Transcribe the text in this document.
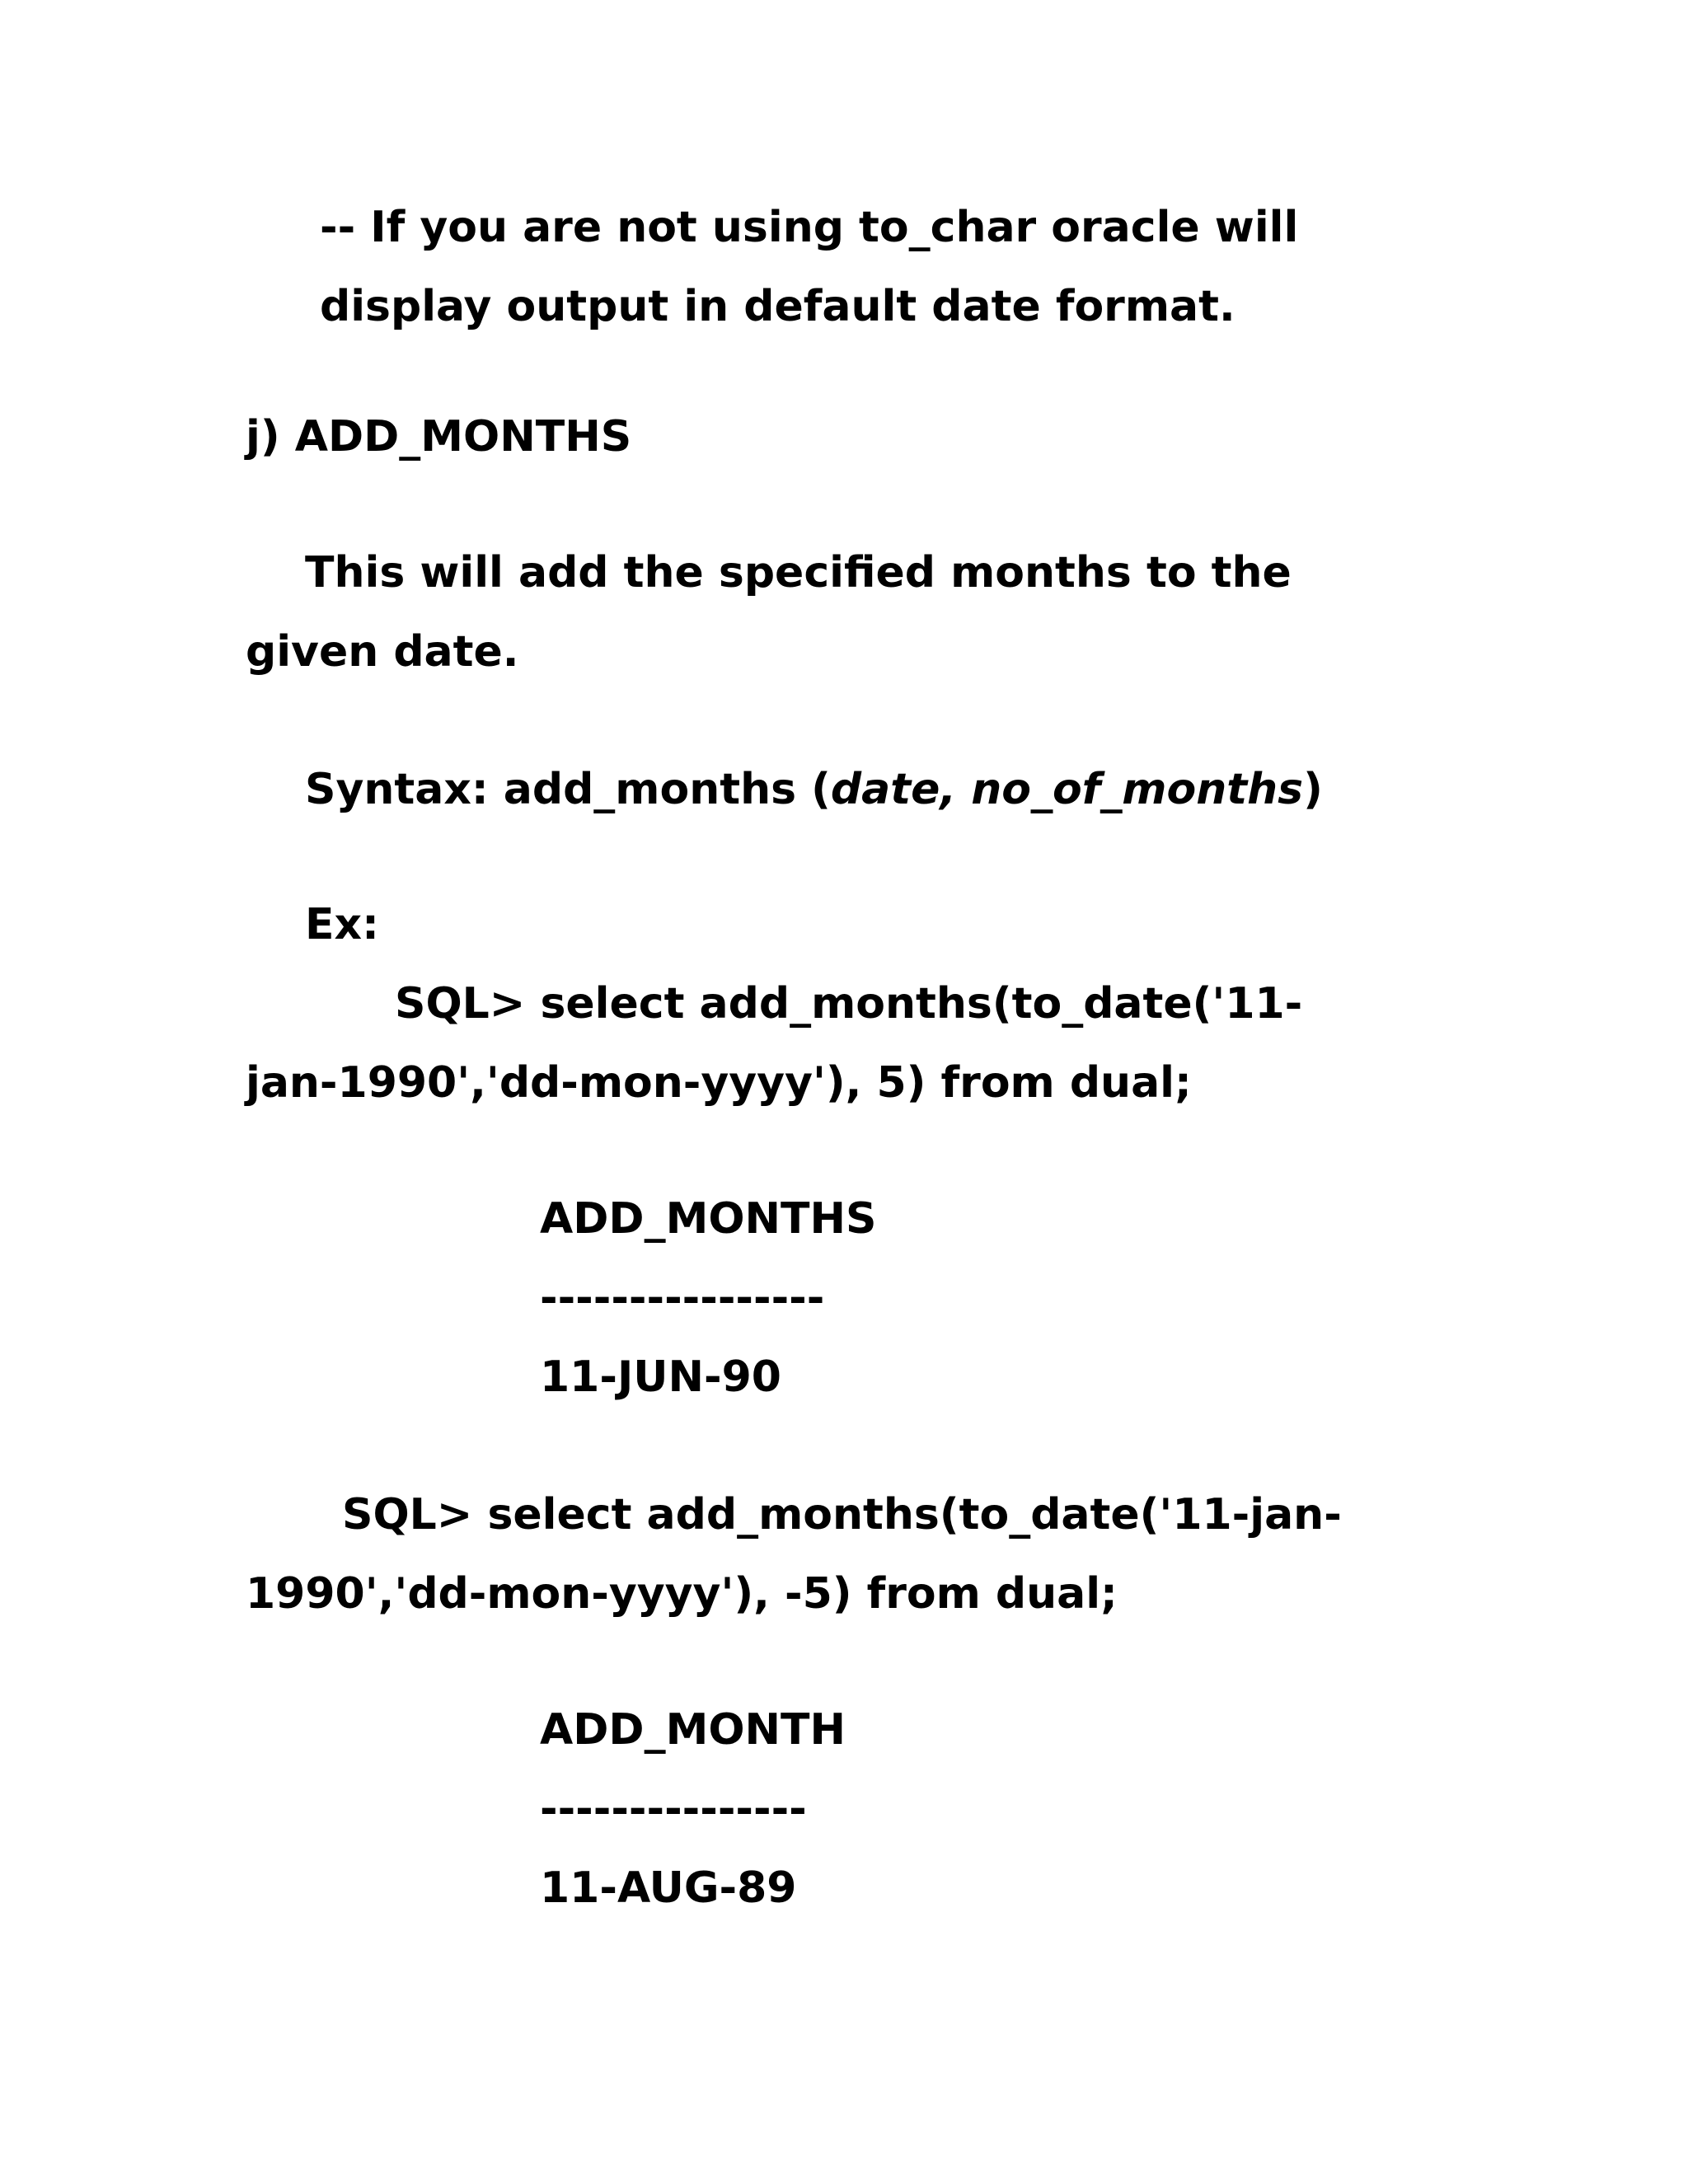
-- If you are not using to_char oracle will

display output in default date format.

j) ADD_MONTHS

This will add the specified months to the

given date.

Syntax: add_months (date, no_of_months)

Ex:

SQL> select add_months(to_date('11-

jan-1990','dd-mon-yyyy'), 5) from dual;

ADD_MONTHS

----------------

11-JUN-90

SQL> select add_months(to_date('11-jan-

1990','dd-mon-yyyy'), -5) from dual;

ADD_MONTH

---------------

11-AUG-89
